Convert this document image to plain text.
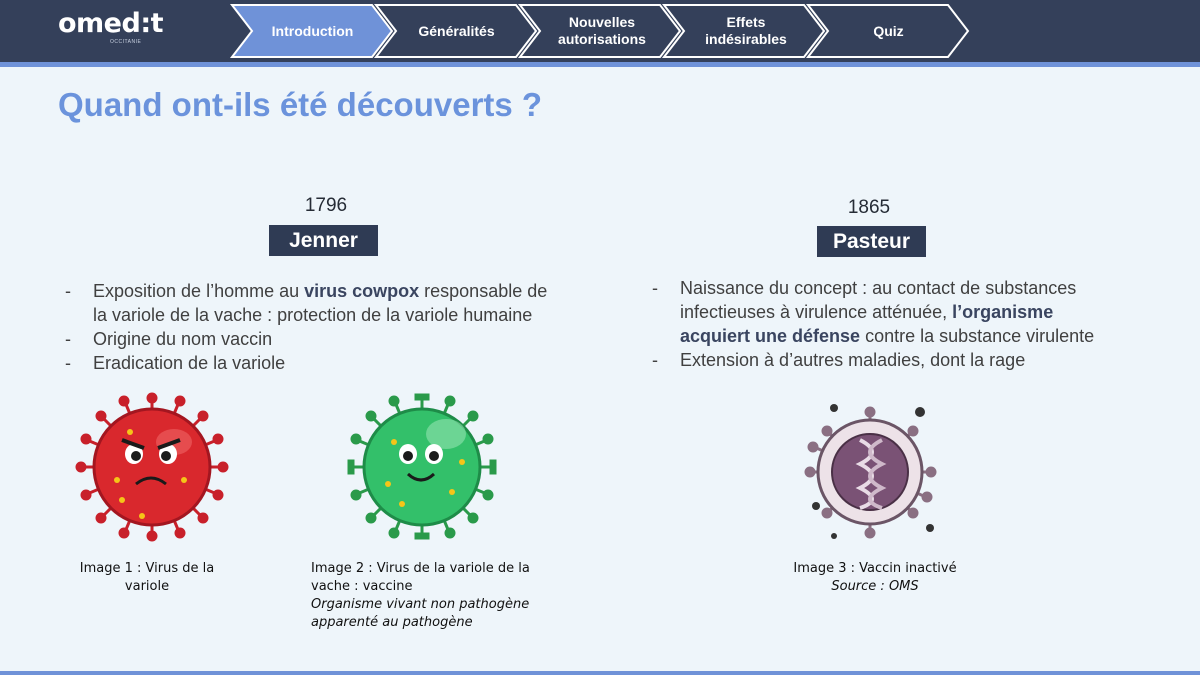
omed:t
OCCITANIE
Introduction	Généralités
Nouvelles autorisations
Effets indésirables
Quiz
Quand ont-ils été découverts ?
1796
Jenner
1865
Pasteur
- Exposition de l’homme au virus cowpox responsable de la variole de la vache : protection de la variole humaine
- Origine du nom vaccin
- Eradication de la variole
- Naissance du concept : au contact de substances infectieuses à virulence atténuée, l’organisme acquiert une défense contre la substance virulente
- Extension à d’autres maladies, dont la rage
Image 1 : Virus de la variole
Image 2 : Virus de la variole de la vache : vaccine
Organisme vivant non pathogène apparenté au pathogène
Image 3 : Vaccin inactivé
Source : OMS
